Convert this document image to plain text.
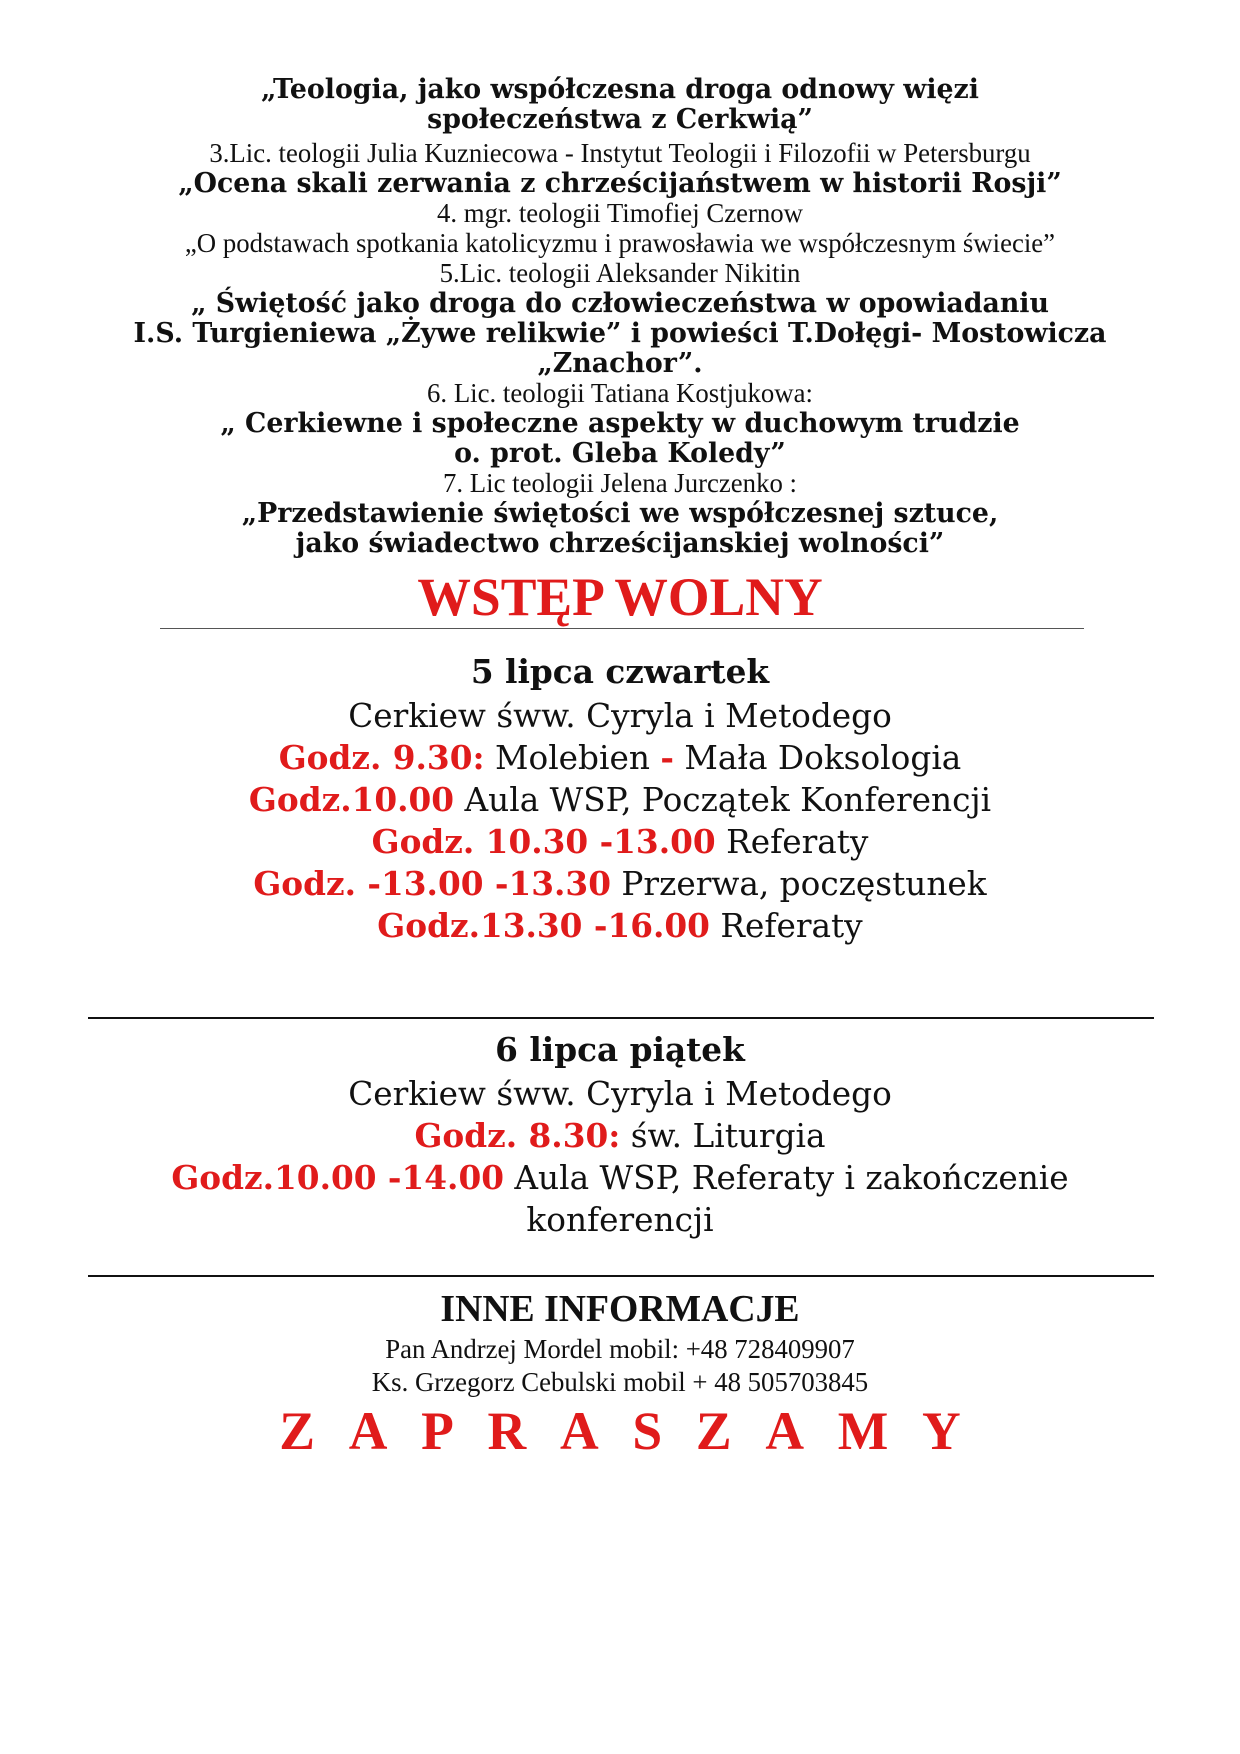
„Teologia, jako współczesna droga odnowy więzi
społeczeństwa z Cerkwią”
3.Lic. teologii Julia Kuzniecowa - Instytut Teologii i Filozofii w Petersburgu
„Ocena skali zerwania z chrześcijaństwem w historii Rosji”
4. mgr. teologii Timofiej Czernow
„O podstawach spotkania katolicyzmu i prawosławia we współczesnym świecie”
5.Lic. teologii Aleksander Nikitin
„ Świętość jako droga do człowieczeństwa w opowiadaniu
I.S. Turgieniewa „Żywe relikwie” i powieści T.Dołęgi- Mostowicza
„Znachor”.
6. Lic. teologii Tatiana Kostjukowa:
„ Cerkiewne i społeczne aspekty w duchowym trudzie
o. prot. Gleba Koledy”
7. Lic teologii Jelena Jurczenko :
„Przedstawienie świętości we współczesnej sztuce,
jako świadectwo chrześcijanskiej wolności”
WSTĘP WOLNY
5 lipca czwartek
Cerkiew śww. Cyryla i Metodego
Godz. 9.30: Molebien - Mała Doksologia
Godz.10.00 Aula WSP, Początek Konferencji
Godz. 10.30 -13.00 Referaty
Godz. -13.00 -13.30 Przerwa, poczęstunek
Godz.13.30 -16.00 Referaty
6 lipca piątek
Cerkiew śww. Cyryla i Metodego
Godz. 8.30: św. Liturgia
Godz.10.00 -14.00 Aula WSP, Referaty i zakończenie
konferencji
INNE INFORMACJE
Pan Andrzej Mordel mobil: +48 728409907
Ks. Grzegorz Cebulski mobil + 48 505703845
ZAPRASZAMY
